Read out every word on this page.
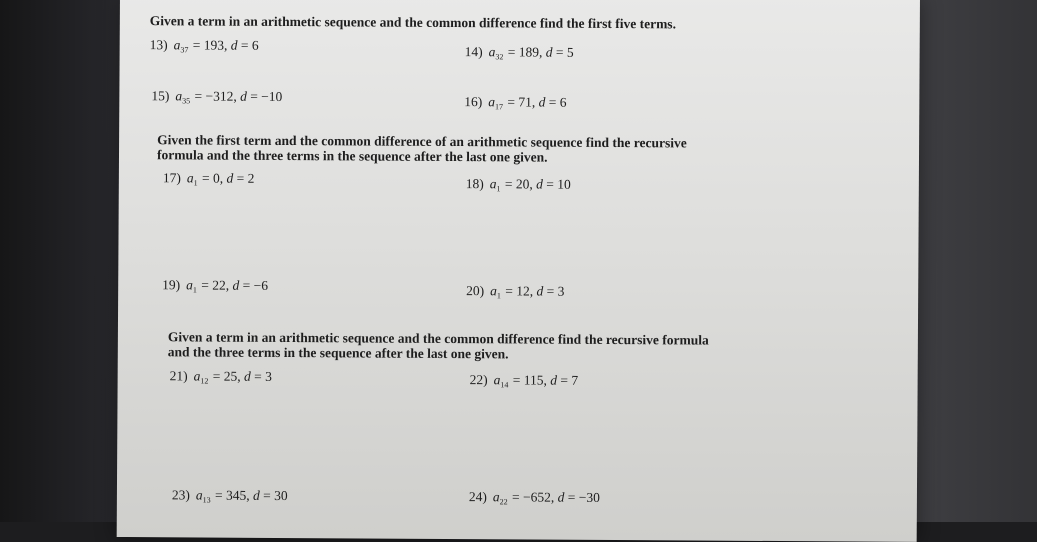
Given a term in an arithmetic sequence and the common difference find the first five terms.

13) $a_{37} = 193$, d = 6	14) $a_{32} = 189$, d = 5
15) $a_{35} = -312$, d = −10	16) $a_{17} = 71$, d = 6

Given the first term and the common difference of an arithmetic sequence find the recursive formula and the three terms in the sequence after the last one given.

17) $a_1 = 0$, d = 2	18) $a_1 = 20$, d = 10
19) $a_1 = 22$, d = −6	20) $a_1 = 12$, d = 3

Given a term in an arithmetic sequence and the common difference find the recursive formula and the three terms in the sequence after the last one given.

21) $a_{12} = 25$, d = 3	22) $a_{14} = 115$, d = 7
23) $a_{13} = 345$, d = 30	24) $a_{22} = -652$, d = −30
